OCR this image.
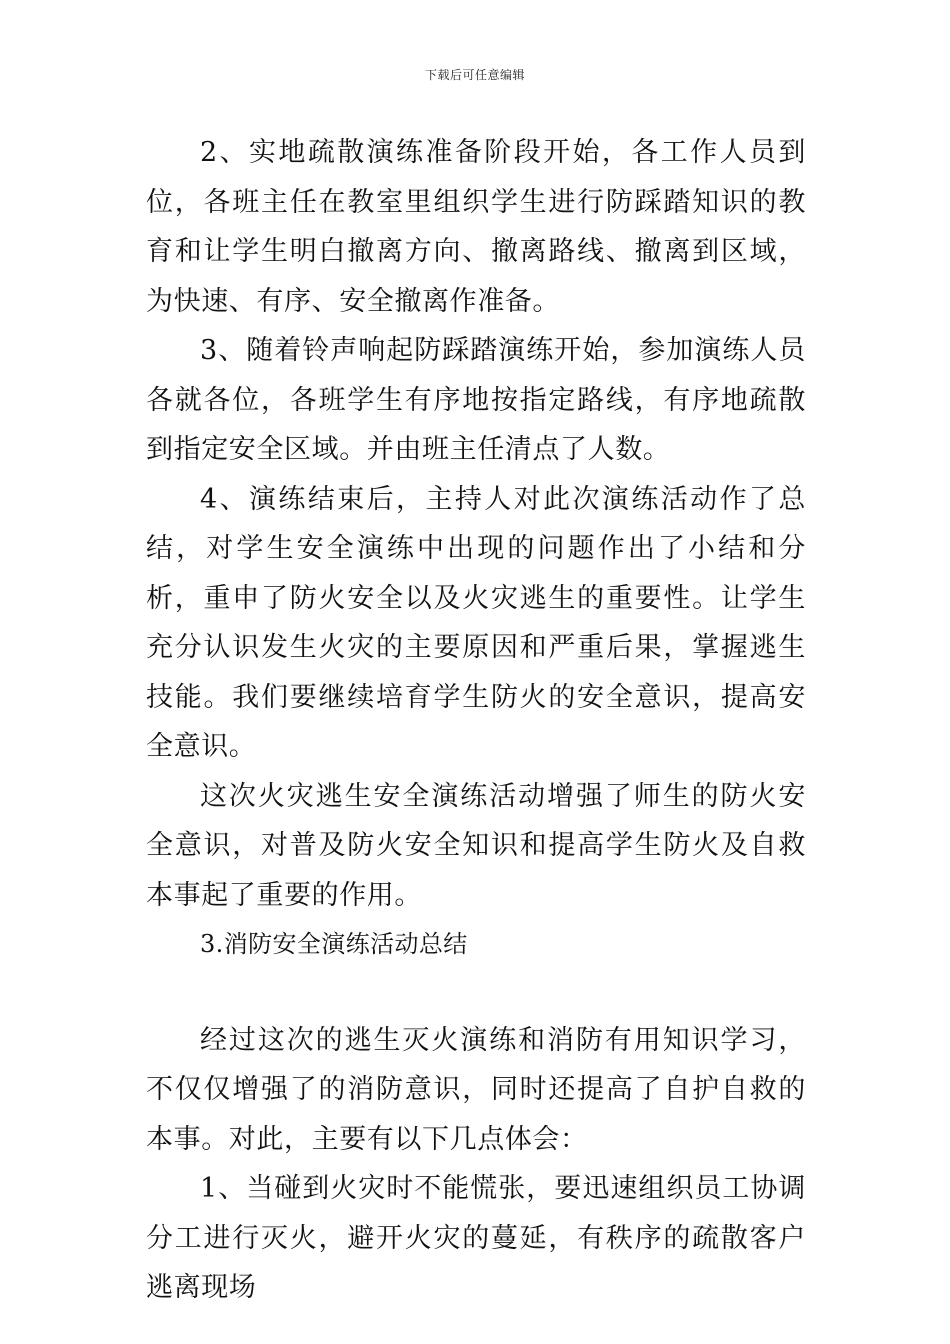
下载后可任意编辑

2、实地疏散演练准备阶段开始，各工作人员到位，各班主任在教室里组织学生进行防踩踏知识的教育和让学生明白撤离方向、撤离路线、撤离到区域，为快速、有序、安全撤离作准备。

3、随着铃声响起防踩踏演练开始，参加演练人员各就各位，各班学生有序地按指定路线，有序地疏散到指定安全区域。并由班主任清点了人数。

4、演练结束后，主持人对此次演练活动作了总结，对学生安全演练中出现的问题作出了小结和分析，重申了防火安全以及火灾逃生的重要性。让学生充分认识发生火灾的主要原因和严重后果，掌握逃生技能。我们要继续培育学生防火的安全意识，提高安全意识。

这次火灾逃生安全演练活动增强了师生的防火安全意识，对普及防火安全知识和提高学生防火及自救本事起了重要的作用。

3.消防安全演练活动总结

经过这次的逃生灭火演练和消防有用知识学习，不仅仅增强了的消防意识，同时还提高了自护自救的本事。对此，主要有以下几点体会：

1、当碰到火灾时不能慌张，要迅速组织员工协调分工进行灭火，避开火灾的蔓延，有秩序的疏散客户逃离现场
